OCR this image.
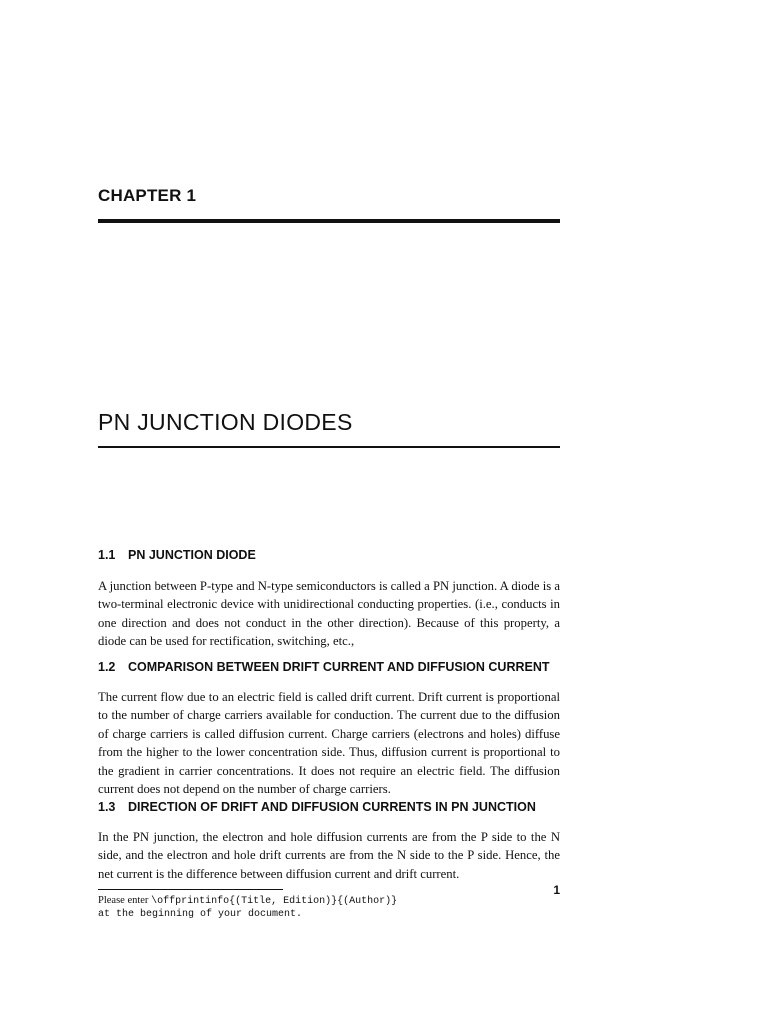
CHAPTER 1
PN JUNCTION DIODES
1.1 PN JUNCTION DIODE

A junction between P-type and N-type semiconductors is called a PN junction. A diode is a two-terminal electronic device with unidirectional conducting properties. (i.e., conducts in one direction and does not conduct in the other direction). Because of this property, a diode can be used for rectification, switching, etc.,

1.2 COMPARISON BETWEEN DRIFT CURRENT AND DIFFUSION CURRENT

The current flow due to an electric field is called drift current. Drift current is proportional to the number of charge carriers available for conduction. The current due to the diffusion of charge carriers is called diffusion current. Charge carriers (electrons and holes) diffuse from the higher to the lower concentration side. Thus, diffusion current is proportional to the gradient in carrier concentrations. It does not require an electric field. The diffusion current does not depend on the number of charge carriers.

1.3 DIRECTION OF DRIFT AND DIFFUSION CURRENTS IN PN JUNCTION

In the PN junction, the electron and hole diffusion currents are from the P side to the N side, and the electron and hole drift currents are from the N side to the P side. Hence, the net current is the difference between diffusion current and drift current.

1
Please enter \offprintinfo{(Title, Edition)}{(Author)}
at the beginning of your document.
